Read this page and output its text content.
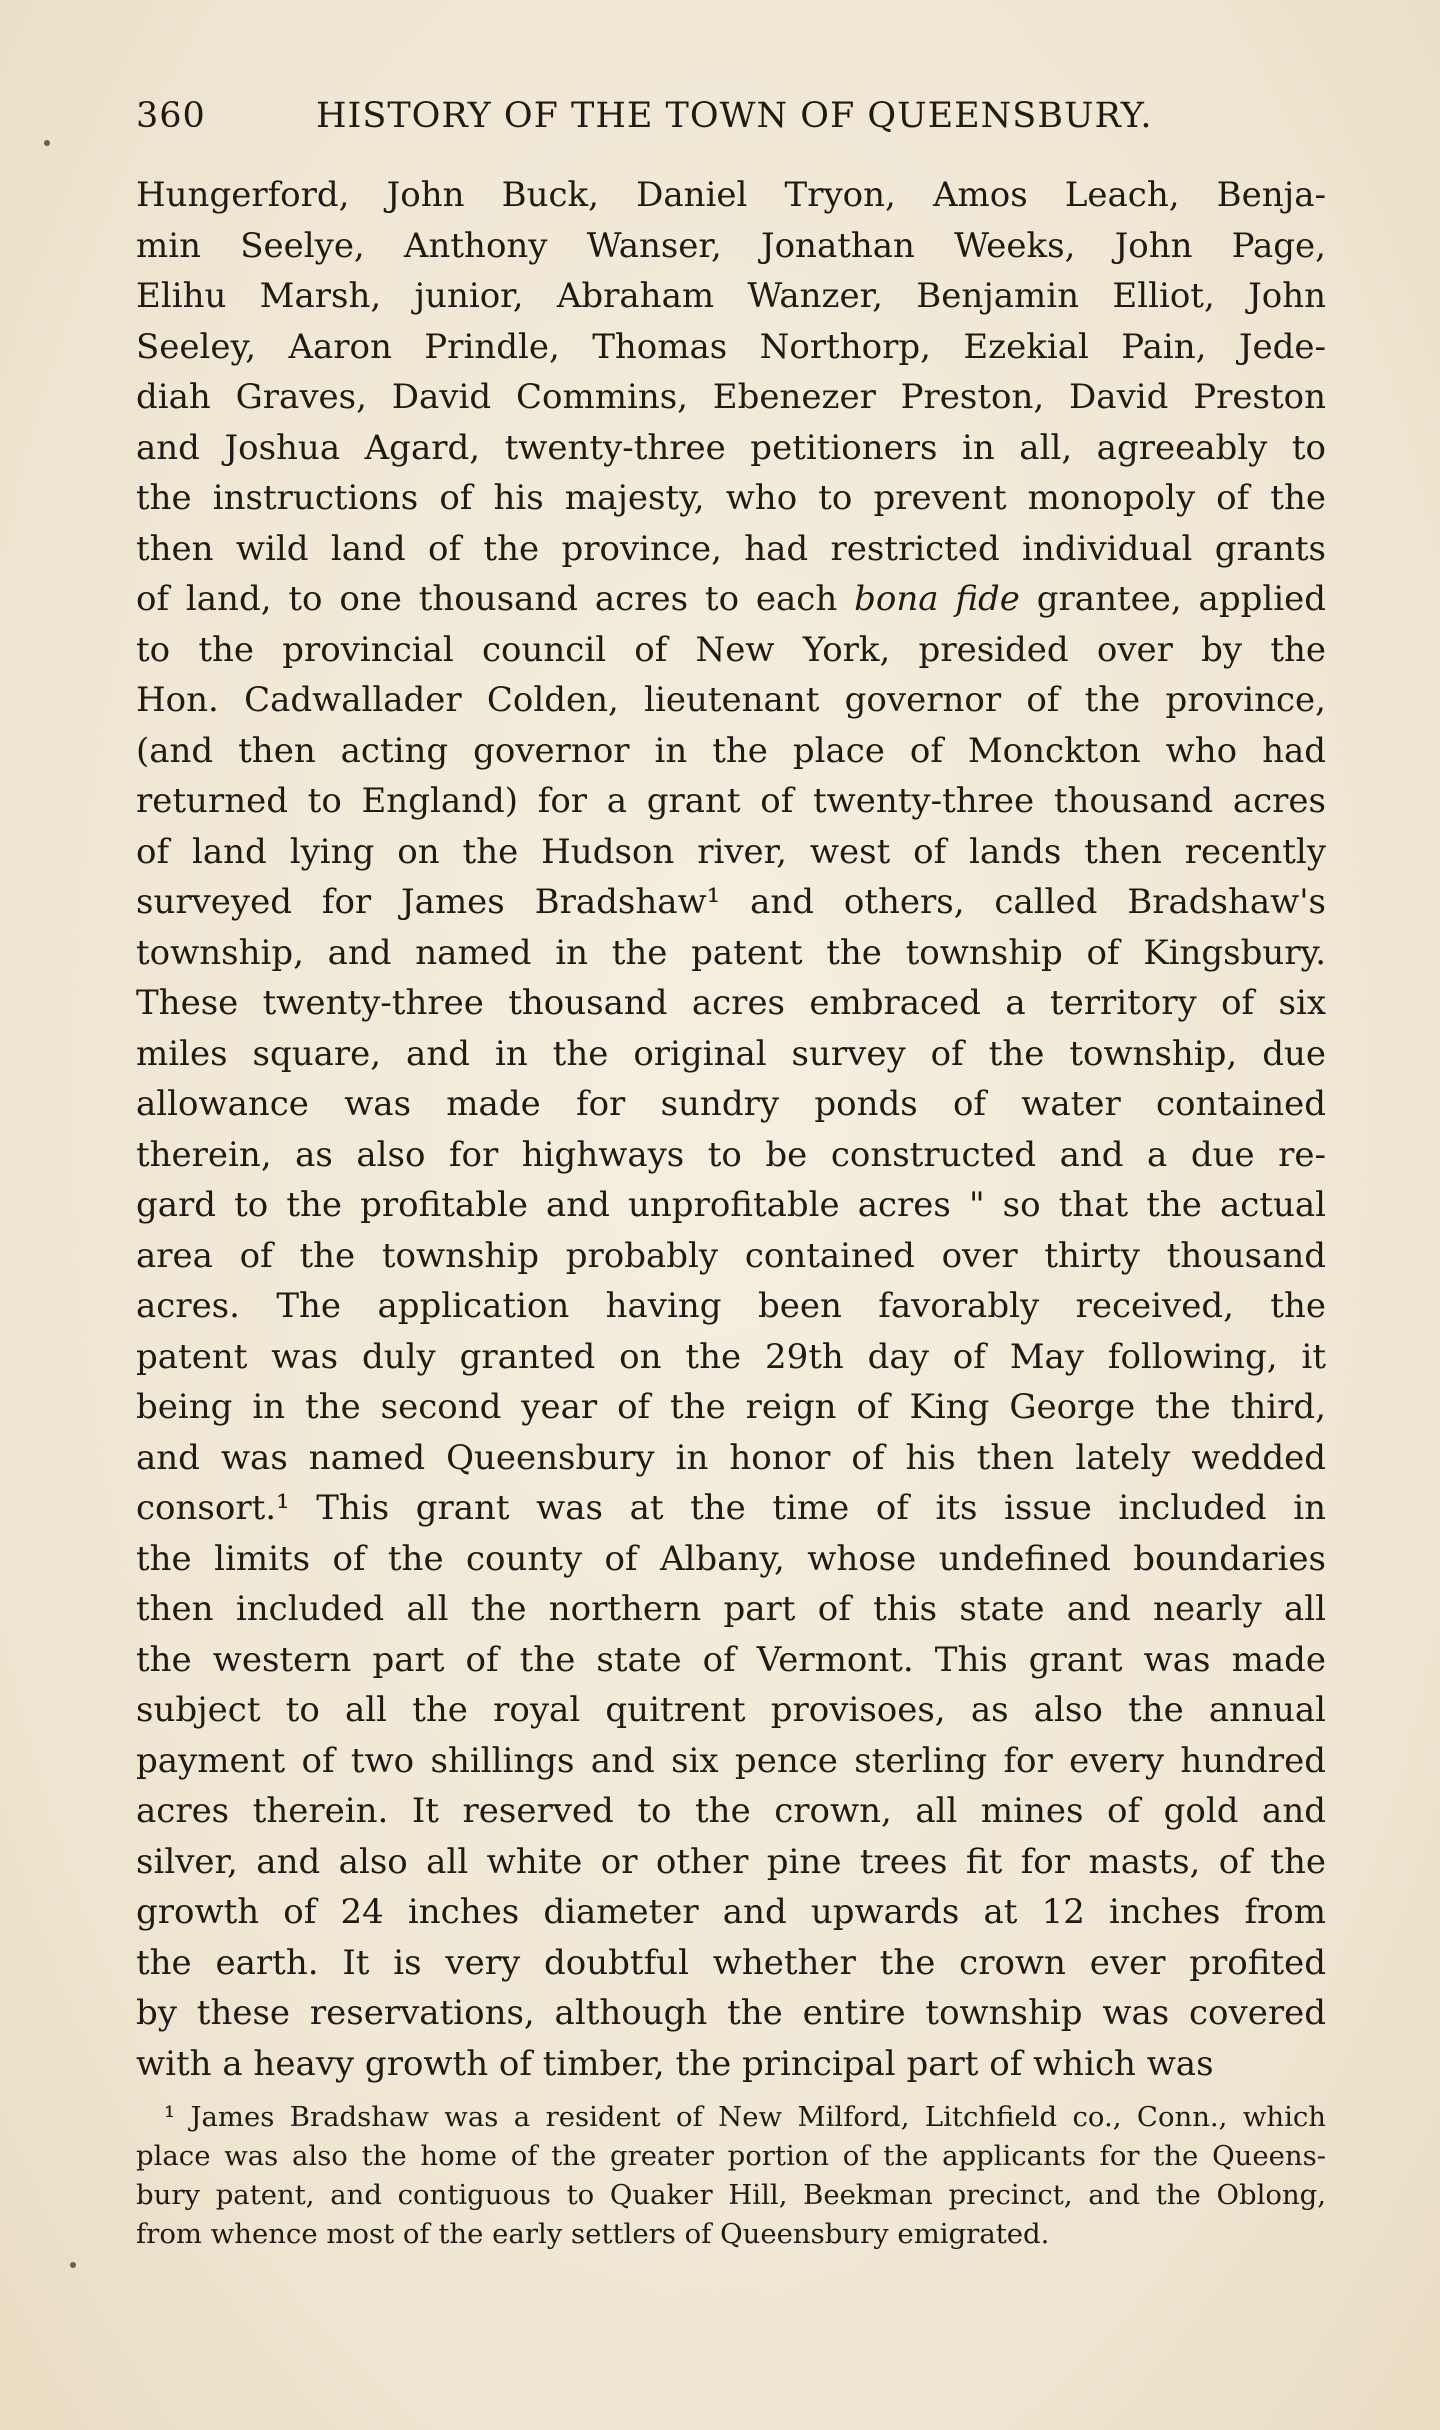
360	HISTORY OF THE TOWN OF QUEENSBURY.
Hungerford, John Buck, Daniel Tryon, Amos Leach, Benja-
min Seelye, Anthony Wanser, Jonathan Weeks, John Page,
Elihu Marsh, junior, Abraham Wanzer, Benjamin Elliot, John
Seeley, Aaron Prindle, Thomas Northorp, Ezekial Pain, Jede-
diah Graves, David Commins, Ebenezer Preston, David Preston
and Joshua Agard, twenty-three petitioners in all, agreeably to
the instructions of his majesty, who to prevent monopoly of the
then wild land of the province, had restricted individual grants
of land, to one thousand acres to each bona fide grantee, applied
to the provincial council of New York, presided over by the
Hon. Cadwallader Colden, lieutenant governor of the province,
(and then acting governor in the place of Monckton who had
returned to England) for a grant of twenty-three thousand acres
of land lying on the Hudson river, west of lands then recently
surveyed for James Bradshaw¹ and others, called Bradshaw's
township, and named in the patent the township of Kingsbury.
These twenty-three thousand acres embraced a territory of six
miles square, and in the original survey of the township, due
allowance was made for sundry ponds of water contained
therein, as also for highways to be constructed and a due re-
gard to the profitable and unprofitable acres " so that the actual
area of the township probably contained over thirty thousand
acres. The application having been favorably received, the
patent was duly granted on the 29th day of May following, it
being in the second year of the reign of King George the third,
and was named Queensbury in honor of his then lately wedded
consort.¹ This grant was at the time of its issue included in
the limits of the county of Albany, whose undefined boundaries
then included all the northern part of this state and nearly all
the western part of the state of Vermont. This grant was made
subject to all the royal quitrent provisoes, as also the annual
payment of two shillings and six pence sterling for every hundred
acres therein. It reserved to the crown, all mines of gold and
silver, and also all white or other pine trees fit for masts, of the
growth of 24 inches diameter and upwards at 12 inches from
the earth. It is very doubtful whether the crown ever profited
by these reservations, although the entire township was covered
with a heavy growth of timber, the principal part of which was
¹ James Bradshaw was a resident of New Milford, Litchfield co., Conn., which
place was also the home of the greater portion of the applicants for the Queens-
bury patent, and contiguous to Quaker Hill, Beekman precinct, and the Oblong,
from whence most of the early settlers of Queensbury emigrated.
